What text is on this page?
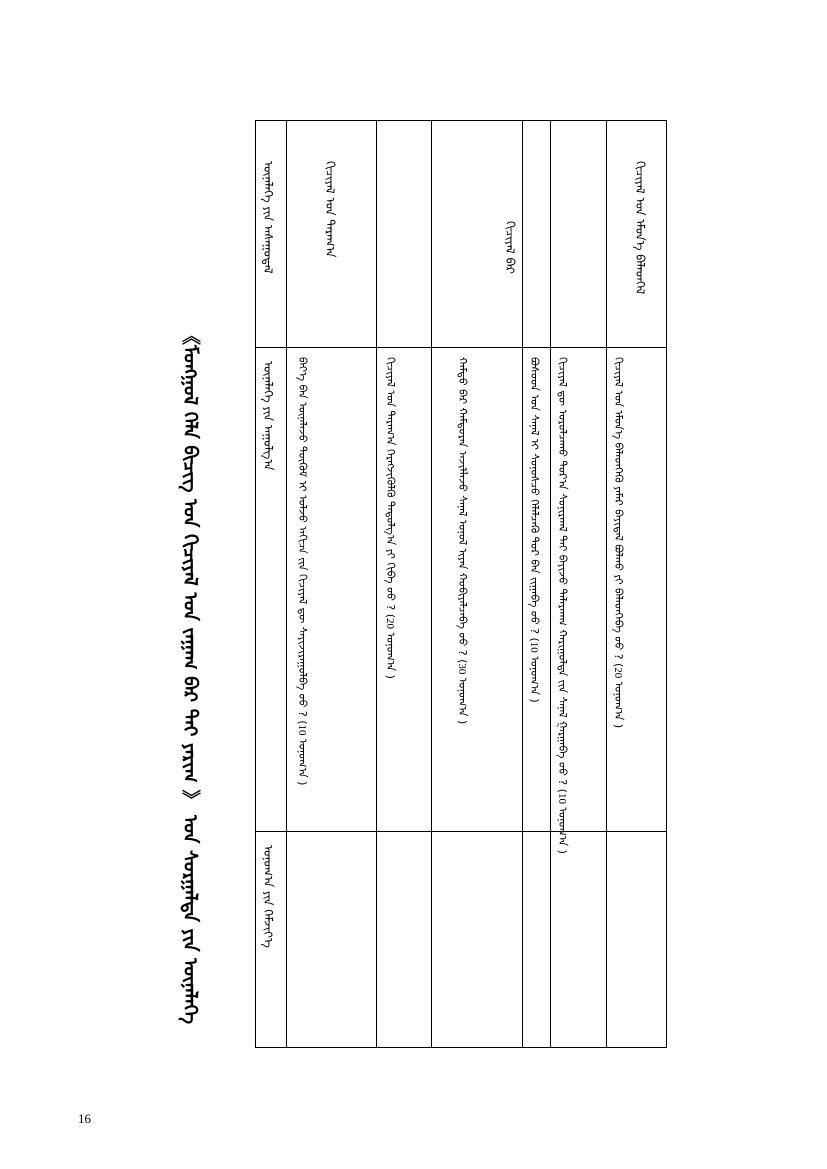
《ᠮᠣᠩᠭᠣᠯ ᠬᠡᠯᠡ ᠪᠢᠴᠢᠭ ᠤᠨ ᠬᠢᠴᠢᠶᠡᠯ ᠤᠨ ᠵᠠᠭᠠᠭ ᠪᠠᠷ ᠲᠠᠢ ᠶᠠᠷᠢᠭ 》 ᠤᠨ ᠰᠣᠷᠭᠠᠯᠲᠠ ᠶᠢᠨ ᠦᠨᠡᠯᠡᠭᠡ
ᠦᠨᠡᠯᠡᠭᠡ ᠶᠢᠨ ᠠᠰᠠᠭᠤᠳᠠᠯ
ᠦᠨᠡᠯᠡᠭᠡ ᠶᠢᠨ ᠠᠭᠤᠯᠭ᠎ᠠ
ᠣᠨᠣᠭ᠎ᠠ ᠶᠢᠨ ᠬᠡᠮᠵᠢᠶ᠎ᠡ
ᠬᠢᠴᠢᠶᠡᠯ ᠤᠨ ᠳᠠᠷᠠᠭ᠎ᠠ
ᠪᠡᠶ᠎ᠡ ᠪᠡᠨ ᠦᠨᠡᠯᠡᠵᠦ ᠳᠦᠬᠦᠮ ᠢ ᠣᠯᠵᠤ ᠠᠬᠢᠴᠠ ᠵᠢᠨ ᠬᠢᠴᠢᠶᠡᠯ ᠳᠦ ᠰᠠᠶᠢᠵᠢᠷᠠᠭᠤᠯᠪᠠ ᠤᠤ ? (10 ᠣᠨᠣᠭ᠎ᠠ )
ᠬᠢᠴᠢᠶᠡᠯ ᠤᠨ ᠳᠠᠷᠠᠭ᠎ᠠ ᠬᠡᠷᠡᠭᠵᠢᠭᠦᠯᠬᠦ ᠳᠠᠳᠤᠯᠭ᠎ᠠ ᠶᠢ ᠬᠢᠪᠡ ᠤᠤ ? (20 ᠣᠨᠣᠭ᠎ᠠ )
ᠬᠢᠴᠢᠶᠡᠯ ᠪᠠᠷ
ᠬᠠᠮᠲᠤ ᠪᠡᠷ ᠬᠠᠮᠲᠤᠷᠠᠨ ᠠᠵᠢᠯᠯᠠᠵᠤ ᠰᠠᠨᠠᠯ ᠣᠨᠣᠯ ᠢᠶᠠᠨ ᠬᠤᠪᠢᠶᠠᠯᠴᠠᠪᠠ ᠤᠤ ? (30 ᠣᠨᠣᠭ᠎ᠠ )
ᠪᠤᠰᠤᠳ ᠤᠨ ᠰᠠᠨᠠᠯ ᠢ ᠰᠣᠨᠣᠰᠴᠤ ᠬᠡᠯᠡᠯᠴᠡᠬᠦ ᠳᠤᠷ ᠪᠠᠨ ᠵᠢᠭᠠᠪᠠ ᠤᠤ ? (10 ᠣᠨᠣᠭ᠎ᠠ ) ᠬᠢᠴᠢᠶᠡᠯ ᠳᠦ ᠣᠷᠣᠯᠴᠠᠬᠤ ᠳᠤᠷ᠎ᠠ ᠰᠣᠨᠢᠷᠬᠠᠯ ᠲᠠᠢ ᠪᠠᠶᠢᠵᠤ ᠳᠠᠯᠠᠷᠬᠠᠭ ᠬᠠᠷᠢᠭᠤᠯᠲᠠ ᠵᠢᠨ ᠰᠠᠨᠠᠯ ᠭᠠᠷᠭᠠᠪᠠ ᠤᠤ ? (10 ᠣᠨᠣᠭ᠎ᠠ )
ᠬᠢᠴᠢᠶᠡᠯ ᠤᠨ ᠡᠮᠦᠨ᠎ᠡ ᠪᠡᠯᠡᠳᠬᠡᠯ
ᠬᠢᠴᠢᠶᠡᠯ ᠤᠨ ᠡᠮᠦᠨ᠎ᠡ ᠪᠡᠯᠡᠳᠬᠡᠬᠦ ᠶᠠᠮᠠᠷ ᠪᠠᠶᠢᠳᠠᠯ ᠪᠣᠯᠬᠤ ᠶᠢ ᠪᠡᠯᠡᠳᠬᠡᠪᠡ ᠤᠤ ? (20 ᠣᠨᠣᠭ᠎ᠠ )
16
